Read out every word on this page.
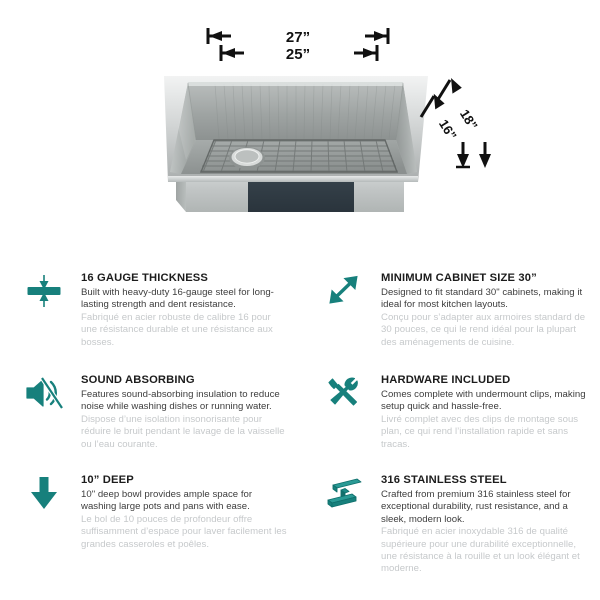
27”
25”
16”
18”

16 GAUGE THICKNESS

Built with heavy-duty 16-gauge steel for long-lasting strength and dent resistance.

Fabriqué en acier robuste de calibre 16 pour une résistance durable et une résistance aux bosses.

MINIMUM CABINET SIZE 30”

Designed to fit standard 30" cabinets, making it ideal for most kitchen layouts.

Conçu pour s’adapter aux armoires standard de 30 pouces, ce qui le rend idéal pour la plupart des aménagements de cuisine.

SOUND ABSORBING

Features sound-absorbing insulation to reduce noise while washing dishes or running water.

Dispose d’une isolation insonorisante pour réduire le bruit pendant le lavage de la vaisselle ou l’eau courante.

HARDWARE INCLUDED

Comes complete with undermount clips, making setup quick and hassle-free.

Livré complet avec des clips de montage sous plan, ce qui rend l’installation rapide et sans tracas.

10” DEEP

10" deep bowl provides ample space for washing large pots and pans with ease.

Le bol de 10 pouces de profondeur offre suffisamment d’espace pour laver facilement les grandes casseroles et poêles.

316 STAINLESS STEEL

Crafted from premium 316 stainless steel for exceptional durability, rust resistance, and a sleek, modern look.

Fabriqué en acier inoxydable 316 de qualité supérieure pour une durabilité exceptionnelle, une résistance à la rouille et un look élégant et moderne.
